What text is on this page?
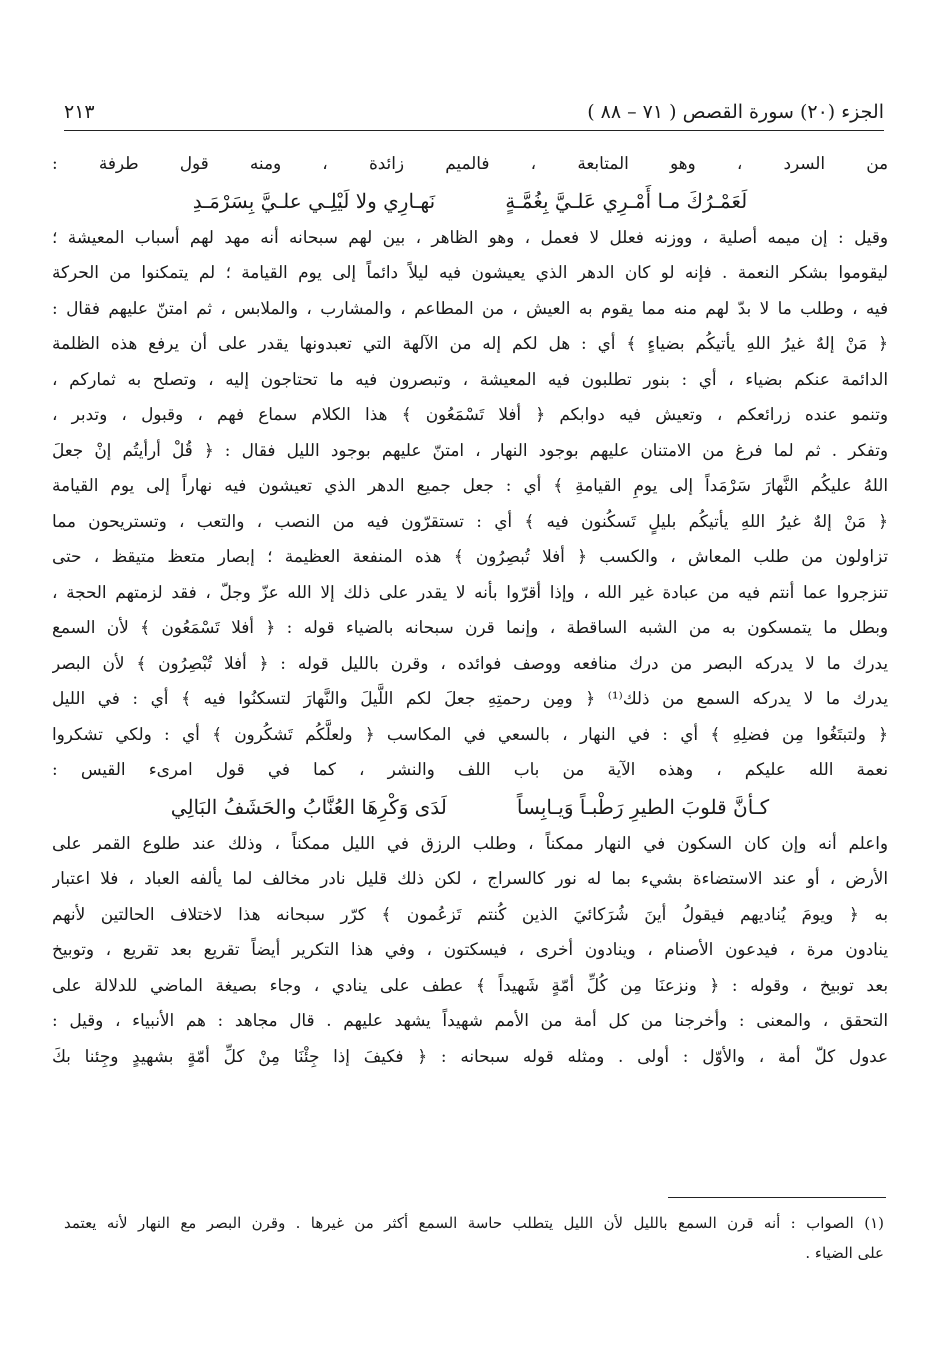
الجزء (٢٠) سورة القصص ( ٧١ – ٨٨ )
٢١٣
من السرد ، وهو المتابعة ، فالميم زائدة ، ومنه قول طرفة :
لَعَمْـرُكَ مـا أَمْـرِي عَلـيَّ بِغُمَّـةٍ
نَهـارِي ولا لَيْلِـي علـيَّ بِسَرْمَـدِ
وقيل : إن ميمه أصلية ، ووزنه فعلل لا فعمل ، وهو الظاهر ، بين لهم سبحانه أنه مهد لهم أسباب المعيشة ؛
ليقوموا بشكر النعمة . فإنه لو كان الدهر الذي يعيشون فيه ليلاً دائماً إلى يوم القيامة ؛ لم يتمكنوا من الحركة
فيه ، وطلب ما لا بدّ لهم منه مما يقوم به العيش ، من المطاعم ، والمشارب ، والملابس ، ثم امتنّ عليهم فقال :
﴿ مَنْ إلهٌ غيرُ اللهِ يأتيكُم بضياءٍ ﴾ أي : هل لكم إله من الآلهة التي تعبدونها يقدر على أن يرفع هذه الظلمة
الدائمة عنكم بضياء ، أي : بنور تطلبون فيه المعيشة ، وتبصرون فيه ما تحتاجون إليه ، وتصلح به ثماركم ،
وتنمو عنده زرائعكم ، وتعيش فيه دوابكم ﴿ أفلا تَسْمَعُون ﴾ هذا الكلام سماع فهم ، وقبول ، وتدبر ،
وتفكر . ثم لما فرغ من الامتنان عليهم بوجود النهار ، امتنّ عليهم بوجود الليل فقال : ﴿ قُلْ أرأيتُم إنْ جعلَ
اللهُ عليكُم النَّهارَ سَرْمَداً إلى يومِ القيامةِ ﴾ أي : جعل جميع الدهر الذي تعيشون فيه نهاراً إلى يوم القيامة
﴿ مَنْ إلهٌ غيرُ اللهِ يأتيكُم بليلٍ تَسكُنون فيه ﴾ أي : تستقرّون فيه من النصب ، والتعب ، وتستريحون مما
تزاولون من طلب المعاش ، والكسب ﴿ أفلا تُبصِرُون ﴾ هذه المنفعة العظيمة ؛ إبصار متعظ متيقظ ، حتى
تنزجروا عما أنتم فيه من عبادة غير الله ، وإذا أقرّوا بأنه لا يقدر على ذلك إلا الله عزّ وجلّ ، فقد لزمتهم الحجة ،
وبطل ما يتمسكون به من الشبه الساقطة ، وإنما قرن سبحانه بالضياء قوله : ﴿ أفلا تَسْمَعُون ﴾ لأن السمع
يدرك ما لا يدركه البصر من درك منافعه ووصف فوائده ، وقرن بالليل قوله : ﴿ أفلا تُبْصِرُون ﴾ لأن البصر
يدرك ما لا يدركه السمع من ذلك⁽¹⁾ ﴿ ومِن رحمتِهِ جعلَ لكم اللَّيلَ والنَّهارَ لتسكنُوا فيه ﴾ أي : في الليل
﴿ ولتبتَغُوا مِن فضلِهِ ﴾ أي : في النهار ، بالسعي في المكاسب ﴿ ولعلَّكُم تَشكُرون ﴾ أي : ولكي تشكروا
نعمة الله عليكم ، وهذه الآية من باب اللف والنشر ، كما في قول امرىء القيس :
كـأنَّ قلوبَ الطيرِ رَطْبـاً وَيـابِساً
لَدَى وَكْرِهَا العُنَّابُ والحَشَفُ البَالِي
واعلم أنه وإن كان السكون في النهار ممكناً ، وطلب الرزق في الليل ممكناً ، وذلك عند طلوع القمر على
الأرض ، أو عند الاستضاءة بشيء بما له نور كالسراج ، لكن ذلك قليل نادر مخالف لما يألفه العباد ، فلا اعتبار
به ﴿ ويومَ يُناديهم فيقولُ أينَ شُرَكائيَ الذين كُنتم تَزعُمون ﴾ كرّر سبحانه هذا لاختلاف الحالتين لأنهم
ينادون مرة ، فيدعون الأصنام ، وينادون أخرى ، فيسكتون ، وفي هذا التكرير أيضاً تقريع بعد تقريع ، وتوبيخ
بعد توبيخ ، وقوله : ﴿ ونزعنَا مِن كُلِّ أمّةٍ شَهيداً ﴾ عطف على ينادي ، وجاء بصيغة الماضي للدلالة على
التحقق ، والمعنى : وأخرجنا من كل أمة من الأمم شهيداً يشهد عليهم . قال مجاهد : هم الأنبياء ، وقيل :
عدول كلّ أمة ، والأوّل : أولى . ومثله قوله سبحانه : ﴿ فكيفَ إذا جِئْنَا مِنْ كلِّ أمّةٍ بشهيدٍ وجِئنا بكَ
(١) الصواب : أنه قرن السمع بالليل لأن الليل يتطلب حاسة السمع أكثر من غيرها . وقرن البصر مع النهار لأنه يعتمد
على الضياء .
